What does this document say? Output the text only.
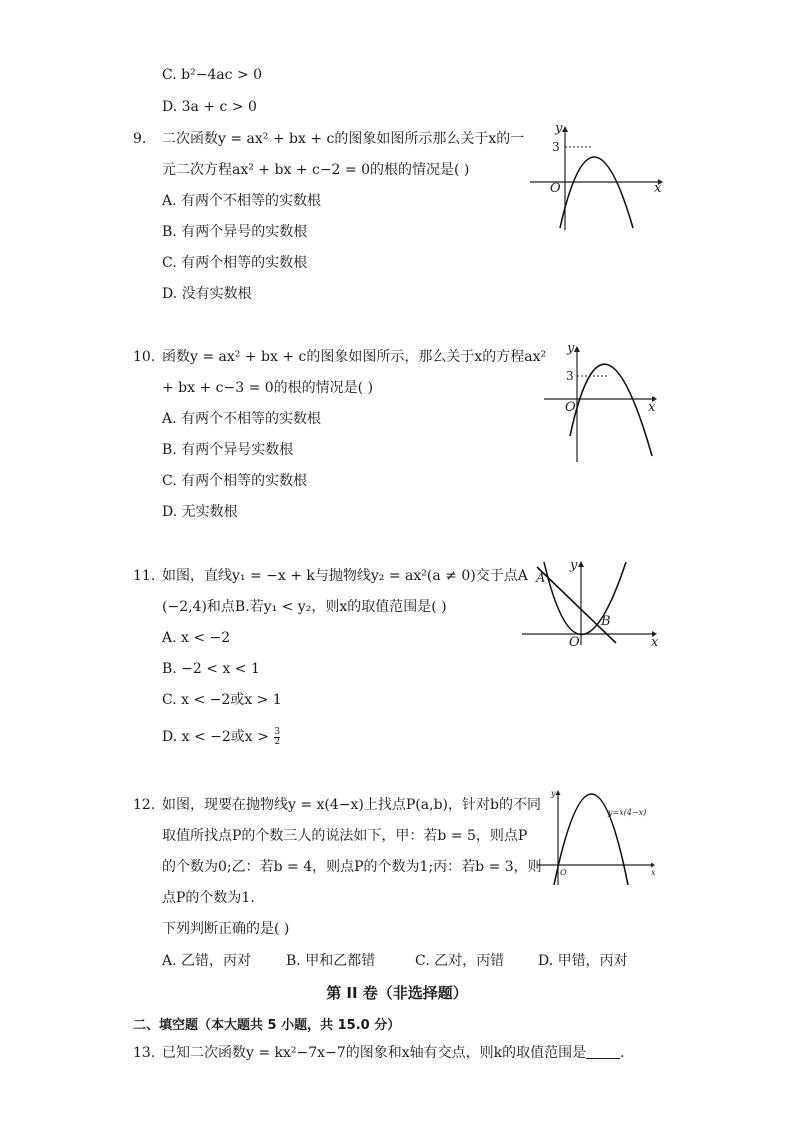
C. b²−4ac > 0
D. 3a + c > 0
9. 二次函数y = ax² + bx + c的图象如图所示那么关于x的一
元二次方程ax² + bx + c−2 = 0的根的情况是( )
A. 有两个不相等的实数根
B. 有两个异号的实数根
C. 有两个相等的实数根
D. 没有实数根
y
x
O
3
10. 函数y = ax² + bx + c的图象如图所示，那么关于x的方程ax²
+ bx + c−3 = 0的根的情况是( )
A. 有两个不相等的实数根
B. 有两个异号实数根
C. 有两个相等的实数根
D. 无实数根
y
x
O
3
11. 如图，直线y₁ = −x + k与抛物线y₂ = ax²(a ≠ 0)交于点A
(−2,4)和点B.若y₁ < y₂，则x的取值范围是( )
A. x < −2
B. −2 < x < 1
C. x < −2或x > 1
D. x < −2或$x > \frac{3}{2}$
y
x
O
A
B
12. 如图，现要在抛物线y = x(4−x)上找点P(a,b)，针对b的不同
取值所找点P的个数三人的说法如下，甲：若b = 5，则点P
的个数为0;乙：若b = 4，则点P的个数为1;丙：若b = 3，则
点P的个数为1.
下列判断正确的是( )
A. 乙错，丙对 B. 甲和乙都错	C. 乙对，丙错 D. 甲错，丙对
y
x
O
y=x(4−x)
第 II 卷（非选择题）
二、填空题（本大题共 5 小题，共 15.0 分）
13. 已知二次函数y = kx²−7x−7的图象和x轴有交点，则k的取值范围是 .
